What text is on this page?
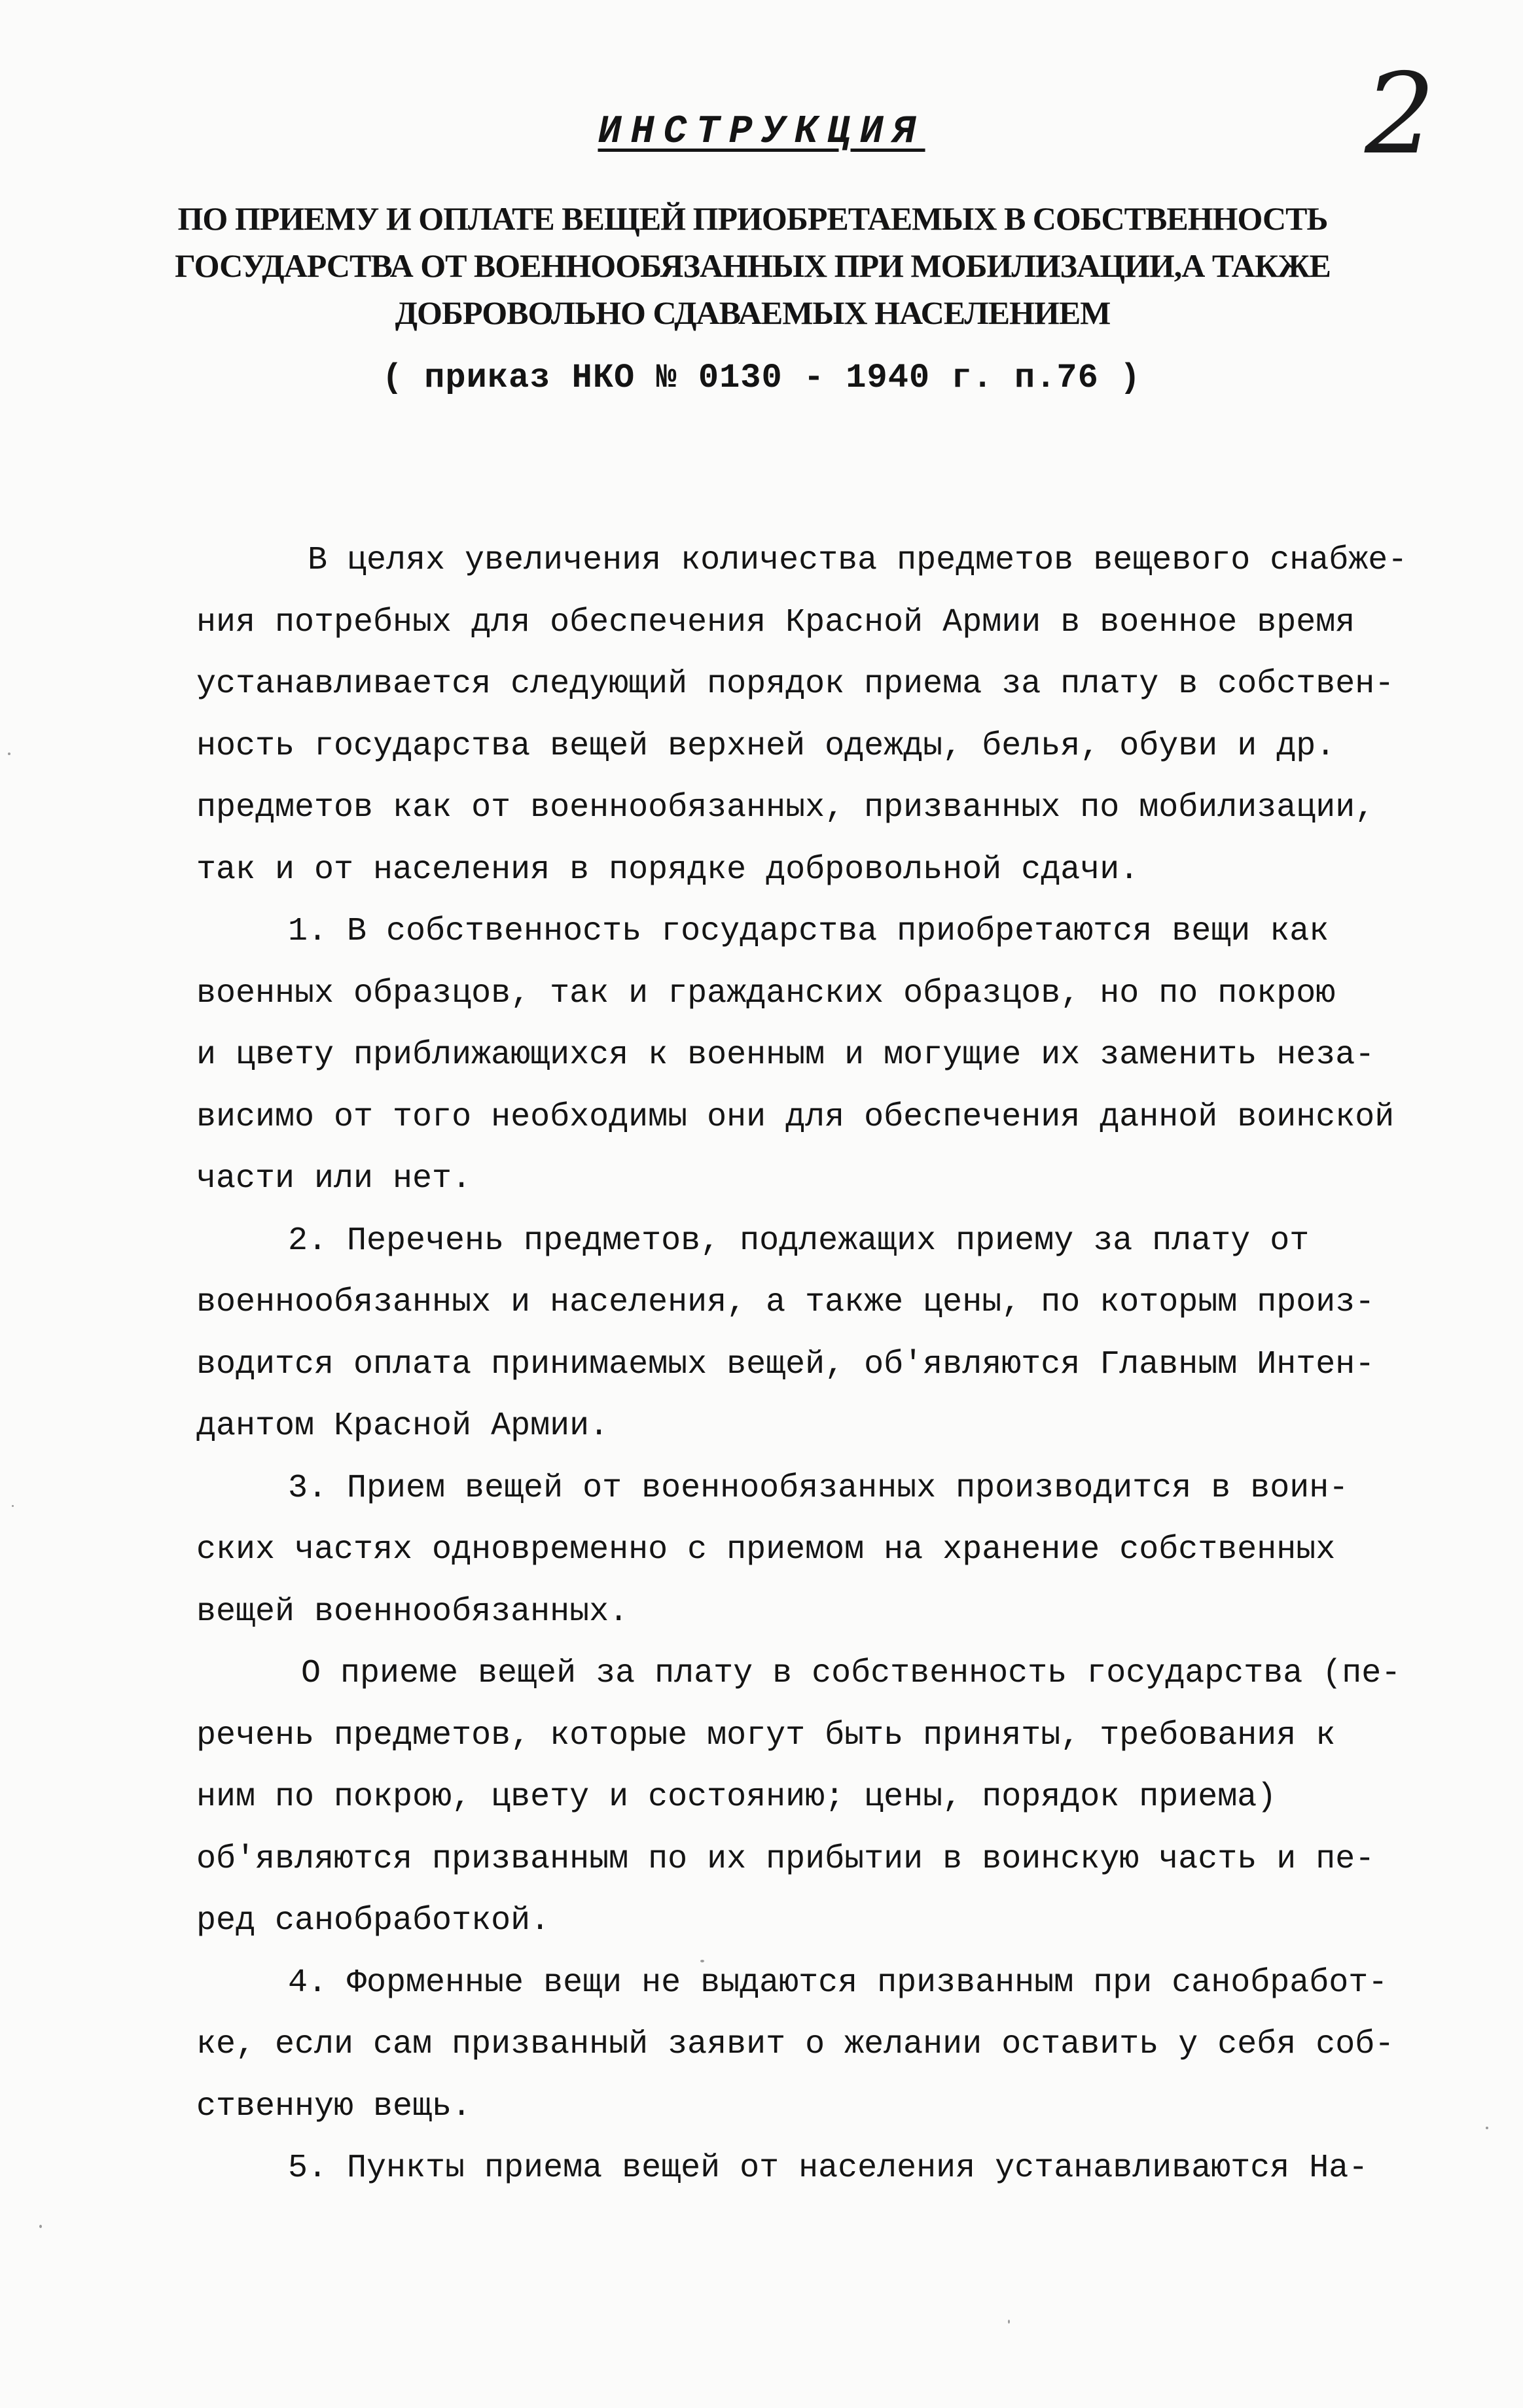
2
ИНСТРУКЦИЯ
ПО ПРИЕМУ И ОПЛАТЕ ВЕЩЕЙ ПРИОБРЕТАЕМЫХ В СОБСТВЕННОСТЬ
ГОСУДАРСТВА ОТ ВОЕННООБЯЗАННЫХ ПРИ МОБИЛИЗАЦИИ,А ТАКЖЕ
ДОБРОВОЛЬНО СДАВАЕМЫХ НАСЕЛЕНИЕМ
( приказ НКО № 0130 - 1940 г. п.76 )
В целях увеличения количества предметов вещевого снабже-
ния потребных для обеспечения Красной Армии в военное время
устанавливается следующий порядок приема за плату в собствен-
ность государства вещей верхней одежды, белья, обуви и др.
предметов как от военнообязанных, призванных по мобилизации,
так и от населения в порядке добровольной сдачи.
1. В собственность государства приобретаются вещи как
военных образцов, так и гражданских образцов, но по покрою
и цвету приближающихся к военным и могущие их заменить неза-
висимо от того необходимы они для обеспечения данной воинской
части или нет.
2. Перечень предметов, подлежащих приему за плату от
военнообязанных и населения, а также цены, по которым произ-
водится оплата принимаемых вещей, об'являются Главным Интен-
дантом Красной Армии.
3. Прием вещей от военнообязанных производится в воин-
ских частях одновременно с приемом на хранение собственных
вещей военнообязанных.
О приеме вещей за плату в собственность государства (пе-
речень предметов, которые могут быть приняты, требования к
ним по покрою, цвету и состоянию; цены, порядок приема)
об'являются призванным по их прибытии в воинскую часть и пе-
ред санобработкой.
4. Форменные вещи не выдаются призванным при санобработ-
ке, если сам призванный заявит о желании оставить у себя соб-
ственную вещь.
5. Пункты приема вещей от населения устанавливаются На-
